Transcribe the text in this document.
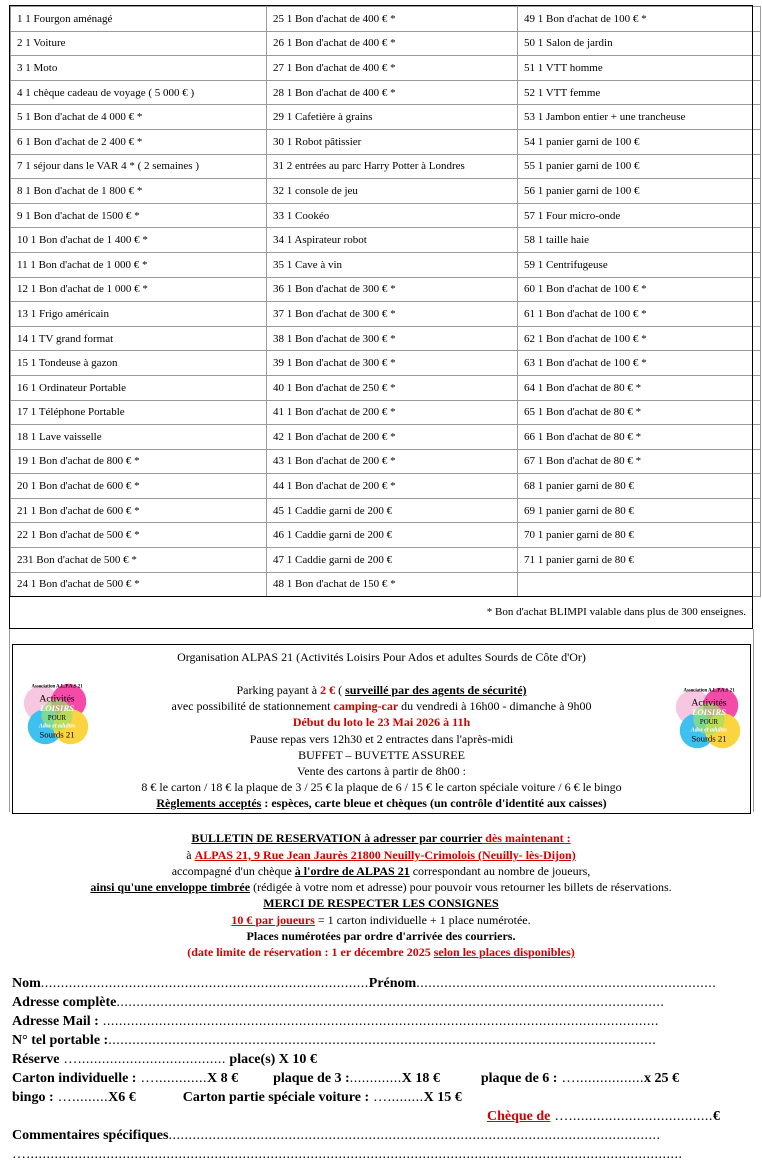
1 1 Fourgon aménagé	25 1 Bon d'achat de 400 € *	49 1 Bon d'achat de 100 € *
2 1 Voiture	26 1 Bon d'achat de 400 € *	50 1 Salon de jardin
3 1 Moto	27 1 Bon d'achat de 400 € *	51 1 VTT homme
4 1 chèque cadeau de voyage ( 5 000 € )	28 1 Bon d'achat de 400 € *	52 1 VTT femme
5 1 Bon d'achat de 4 000 € *	29 1 Cafetière à grains	53 1 Jambon entier + une trancheuse
6 1 Bon d'achat de 2 400 € *	30 1 Robot pâtissier	54 1 panier garni de 100 €
7 1 séjour dans le VAR 4 * ( 2 semaines )	31 2 entrées au parc Harry Potter à Londres	55 1 panier garni de 100 €
8 1 Bon d'achat de 1 800 € *	32 1 console de jeu	56 1 panier garni de 100 €
9 1 Bon d'achat de 1500 € *	33 1 Cookéo	57 1 Four micro-onde
10 1 Bon d'achat de 1 400 € *	34 1 Aspirateur robot	58 1 taille haie
11 1 Bon d'achat de 1 000 € *	35 1 Cave à vin	59 1 Centrifugeuse
12 1 Bon d'achat de 1 000 € *	36 1 Bon d'achat de 300 € *	60 1 Bon d'achat de 100 € *
13 1 Frigo américain	37 1 Bon d'achat de 300 € *	61 1 Bon d'achat de 100 € *
14 1 TV grand format	38 1 Bon d'achat de 300 € *	62 1 Bon d'achat de 100 € *
15 1 Tondeuse à gazon	39 1 Bon d'achat de 300 € *	63 1 Bon d'achat de 100 € *
16 1 Ordinateur Portable	40 1 Bon d'achat de 250 € *	64 1 Bon d'achat de 80 € *
17 1 Téléphone Portable	41 1 Bon d'achat de 200 € *	65 1 Bon d'achat de 80 € *
18 1 Lave vaisselle	42 1 Bon d'achat de 200 € *	66 1 Bon d'achat de 80 € *
19 1 Bon d'achat de 800 € *	43 1 Bon d'achat de 200 € *	67 1 Bon d'achat de 80 € *
20 1 Bon d'achat de 600 € *	44 1 Bon d'achat de 200 € *	68 1 panier garni de 80 €
21 1 Bon d'achat de 600 € *	45 1 Caddie garni de 200 €	69 1 panier garni de 80 €
22 1 Bon d'achat de 500 € *	46 1 Caddie garni de 200 €	70 1 panier garni de 80 €
231 Bon d'achat de 500 € *	47 1 Caddie garni de 200 €	71 1 panier garni de 80 €
24 1 Bon d'achat de 500 € *	48 1 Bon d'achat de 150 € *	
* Bon d'achat BLIMPI valable dans plus de 300 enseignes.
Organisation ALPAS 21 (Activités Loisirs Pour Ados et adultes Sourds de Côte d'Or)
Parking payant à 2 € ( surveillé par des agents de sécurité)
avec possibilité de stationnement camping-car du vendredi à 16h00 - dimanche à 9h00
Début du loto le 23 Mai 2026 à 11h
Pause repas vers 12h30 et 2 entractes dans l'après-midi
BUFFET – BUVETTE ASSUREE
Vente des cartons à partir de 8h00 :
8 € le carton / 18 € la plaque de 3 / 25 € la plaque de 6 / 15 € le carton spéciale voiture / 6 € le bingo
Règlements acceptés : espèces, carte bleue et chèques (un contrôle d'identité aux caisses)
Association A.L.P.A.S 21
Activités
LOISIRS
POUR
Ados et adultes
Sourds 21
Association A.L.P.A.S 21
Activités
LOISIRS
POUR
Ados et adultes
Sourds 21
BULLETIN DE RESERVATION à adresser par courrier dès maintenant :
à ALPAS 21, 9 Rue Jean Jaurès 21800 Neuilly-Crimolois (Neuilly- lès-Dijon)
accompagné d'un chèque à l'ordre de ALPAS 21 correspondant au nombre de joueurs,
ainsi qu'une enveloppe timbrée (rédigée à votre nom et adresse) pour pouvoir vous retourner les billets de réservations.
MERCI DE RESPECTER LES CONSIGNES
10 € par joueurs = 1 carton individuelle + 1 place numérotée.
Places numérotées par ordre d'arrivée des courriers.
(date limite de réservation : 1 er décembre 2025 selon les places disponibles)
Nom..................................................................................Prénom...........................................................................
Adresse complète.........................................................................................................................................
Adresse Mail : ...........................................................................................................................................
N° tel portable :.........................................................................................................................................
Réserve …..................................... place(s) X 10 €
Carton individuelle : ….............X 8 €	plaque de 3 :.............X 18 €	plaque de 6 : ….................x 25 €
bingo : ….........X6 €	Carton partie spéciale voiture : ….........X 15 €
Chèque de …....................................€
Commentaires spécifiques...........................................................................................................................
…....................................................................................................................................................................
